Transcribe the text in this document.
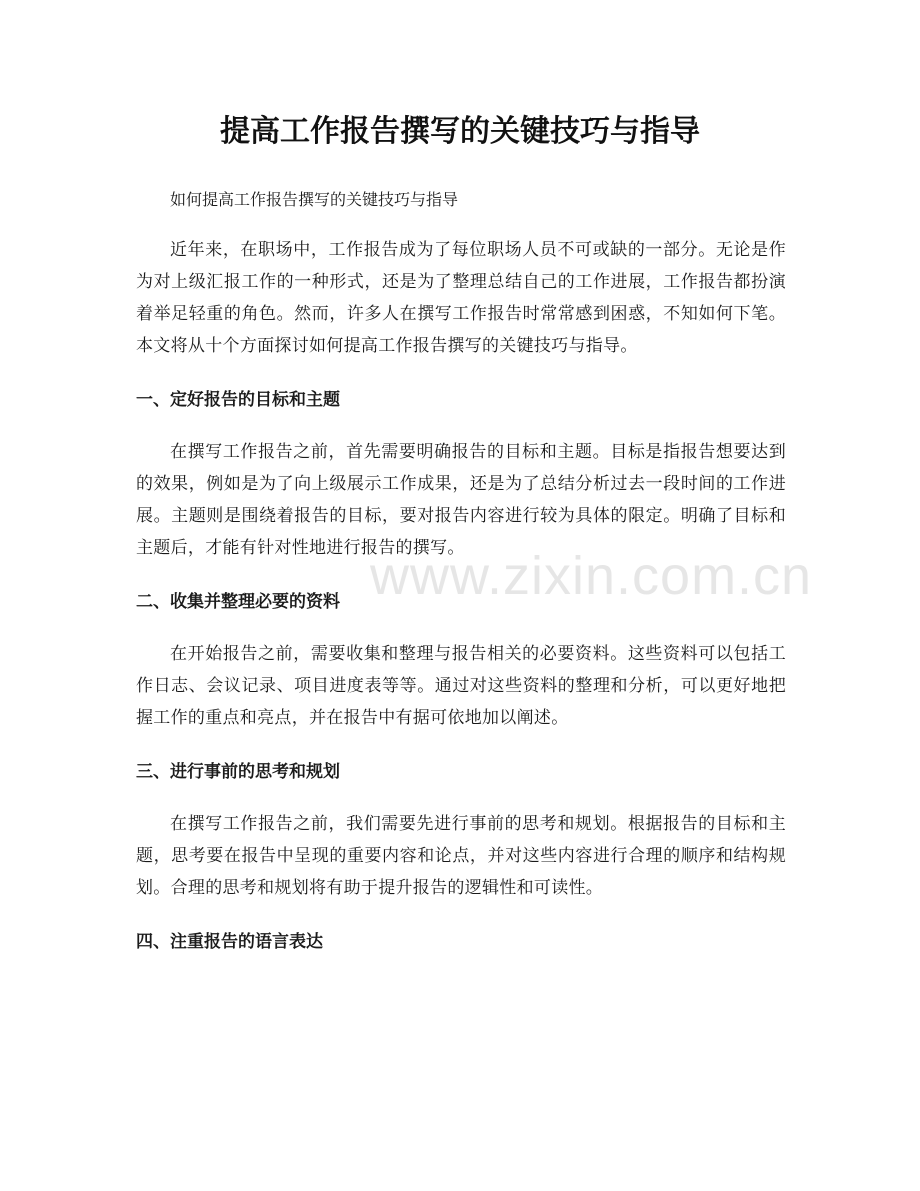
提高工作报告撰写的关键技巧与指导

如何提高工作报告撰写的关键技巧与指导

近年来，在职场中，工作报告成为了每位职场人员不可或缺的一部分。无论是作为对上级汇报工作的一种形式，还是为了整理总结自己的工作进展，工作报告都扮演着举足轻重的角色。然而，许多人在撰写工作报告时常常感到困惑，不知如何下笔。本文将从十个方面探讨如何提高工作报告撰写的关键技巧与指导。

一、定好报告的目标和主题

在撰写工作报告之前，首先需要明确报告的目标和主题。目标是指报告想要达到的效果，例如是为了向上级展示工作成果，还是为了总结分析过去一段时间的工作进展。主题则是围绕着报告的目标，要对报告内容进行较为具体的限定。明确了目标和主题后，才能有针对性地进行报告的撰写。

二、收集并整理必要的资料

在开始报告之前，需要收集和整理与报告相关的必要资料。这些资料可以包括工作日志、会议记录、项目进度表等等。通过对这些资料的整理和分析，可以更好地把握工作的重点和亮点，并在报告中有据可依地加以阐述。

三、进行事前的思考和规划

在撰写工作报告之前，我们需要先进行事前的思考和规划。根据报告的目标和主题，思考要在报告中呈现的重要内容和论点，并对这些内容进行合理的顺序和结构规划。合理的思考和规划将有助于提升报告的逻辑性和可读性。

四、注重报告的语言表达
www.zixin.com.cn
